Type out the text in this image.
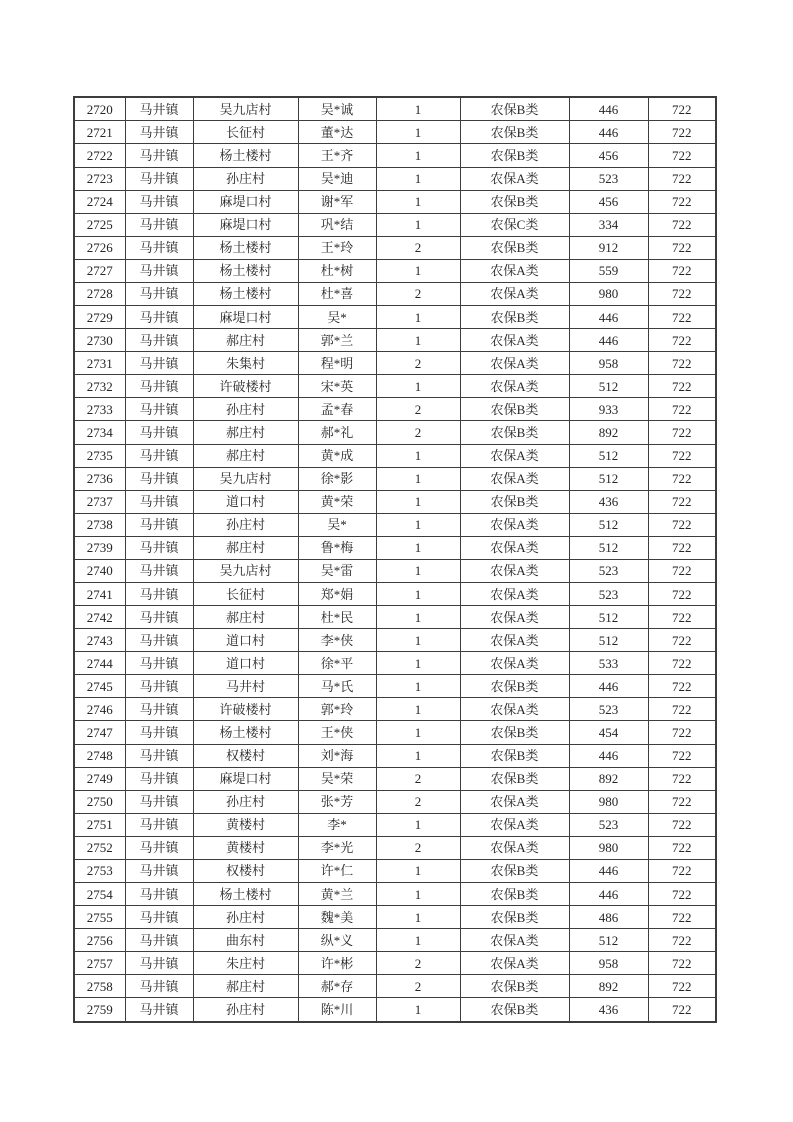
2720	马井镇	吴九店村	吴*诚	1	农保B类	446	722
2721	马井镇	长征村	董*达	1	农保B类	446	722
2722	马井镇	杨土楼村	王*齐	1	农保B类	456	722
2723	马井镇	孙庄村	吴*迪	1	农保A类	523	722
2724	马井镇	麻堤口村	谢*军	1	农保B类	456	722
2725	马井镇	麻堤口村	巩*结	1	农保C类	334	722
2726	马井镇	杨土楼村	王*玲	2	农保B类	912	722
2727	马井镇	杨土楼村	杜*树	1	农保A类	559	722
2728	马井镇	杨土楼村	杜*喜	2	农保A类	980	722
2729	马井镇	麻堤口村	吴*	1	农保B类	446	722
2730	马井镇	郝庄村	郭*兰	1	农保A类	446	722
2731	马井镇	朱集村	程*明	2	农保A类	958	722
2732	马井镇	许破楼村	宋*英	1	农保A类	512	722
2733	马井镇	孙庄村	孟*春	2	农保B类	933	722
2734	马井镇	郝庄村	郝*礼	2	农保B类	892	722
2735	马井镇	郝庄村	黄*成	1	农保A类	512	722
2736	马井镇	吴九店村	徐*影	1	农保A类	512	722
2737	马井镇	道口村	黄*荣	1	农保B类	436	722
2738	马井镇	孙庄村	吴*	1	农保A类	512	722
2739	马井镇	郝庄村	鲁*梅	1	农保A类	512	722
2740	马井镇	吴九店村	吴*雷	1	农保A类	523	722
2741	马井镇	长征村	郑*娟	1	农保A类	523	722
2742	马井镇	郝庄村	杜*民	1	农保A类	512	722
2743	马井镇	道口村	李*侠	1	农保A类	512	722
2744	马井镇	道口村	徐*平	1	农保A类	533	722
2745	马井镇	马井村	马*氏	1	农保B类	446	722
2746	马井镇	许破楼村	郭*玲	1	农保A类	523	722
2747	马井镇	杨土楼村	王*侠	1	农保B类	454	722
2748	马井镇	权楼村	刘*海	1	农保B类	446	722
2749	马井镇	麻堤口村	吴*荣	2	农保B类	892	722
2750	马井镇	孙庄村	张*芳	2	农保A类	980	722
2751	马井镇	黄楼村	李*	1	农保A类	523	722
2752	马井镇	黄楼村	李*光	2	农保A类	980	722
2753	马井镇	权楼村	许*仁	1	农保B类	446	722
2754	马井镇	杨土楼村	黄*兰	1	农保B类	446	722
2755	马井镇	孙庄村	魏*美	1	农保B类	486	722
2756	马井镇	曲东村	纵*义	1	农保A类	512	722
2757	马井镇	朱庄村	许*彬	2	农保A类	958	722
2758	马井镇	郝庄村	郝*存	2	农保B类	892	722
2759	马井镇	孙庄村	陈*川	1	农保B类	436	722
